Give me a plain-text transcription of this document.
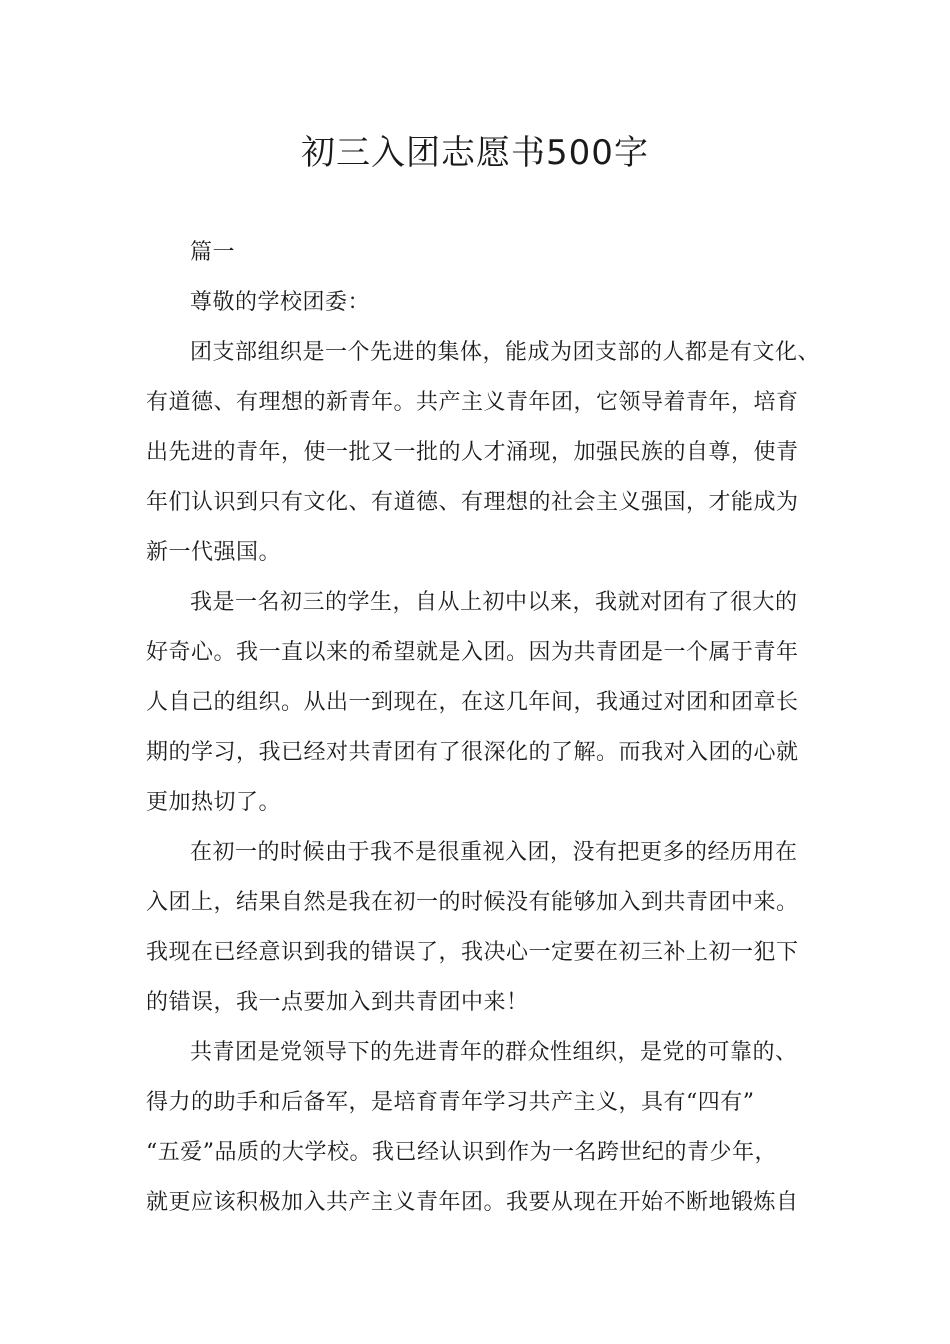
初三入团志愿书500字
篇一
尊敬的学校团委：
团支部组织是一个先进的集体，能成为团支部的人都是有文化、
有道德、有理想的新青年。共产主义青年团，它领导着青年，培育
出先进的青年，使一批又一批的人才涌现，加强民族的自尊，使青
年们认识到只有文化、有道德、有理想的社会主义强国，才能成为
新一代强国。
我是一名初三的学生，自从上初中以来，我就对团有了很大的
好奇心。我一直以来的希望就是入团。因为共青团是一个属于青年
人自己的组织。从出一到现在，在这几年间，我通过对团和团章长
期的学习，我已经对共青团有了很深化的了解。而我对入团的心就
更加热切了。
在初一的时候由于我不是很重视入团，没有把更多的经历用在
入团上，结果自然是我在初一的时候没有能够加入到共青团中来。
我现在已经意识到我的错误了，我决心一定要在初三补上初一犯下
的错误，我一点要加入到共青团中来！
共青团是党领导下的先进青年的群众性组织，是党的可靠的、
得力的助手和后备军，是培育青年学习共产主义，具有“四有”
“五爱”品质的大学校。我已经认识到作为一名跨世纪的青少年，
就更应该积极加入共产主义青年团。我要从现在开始不断地锻炼自
